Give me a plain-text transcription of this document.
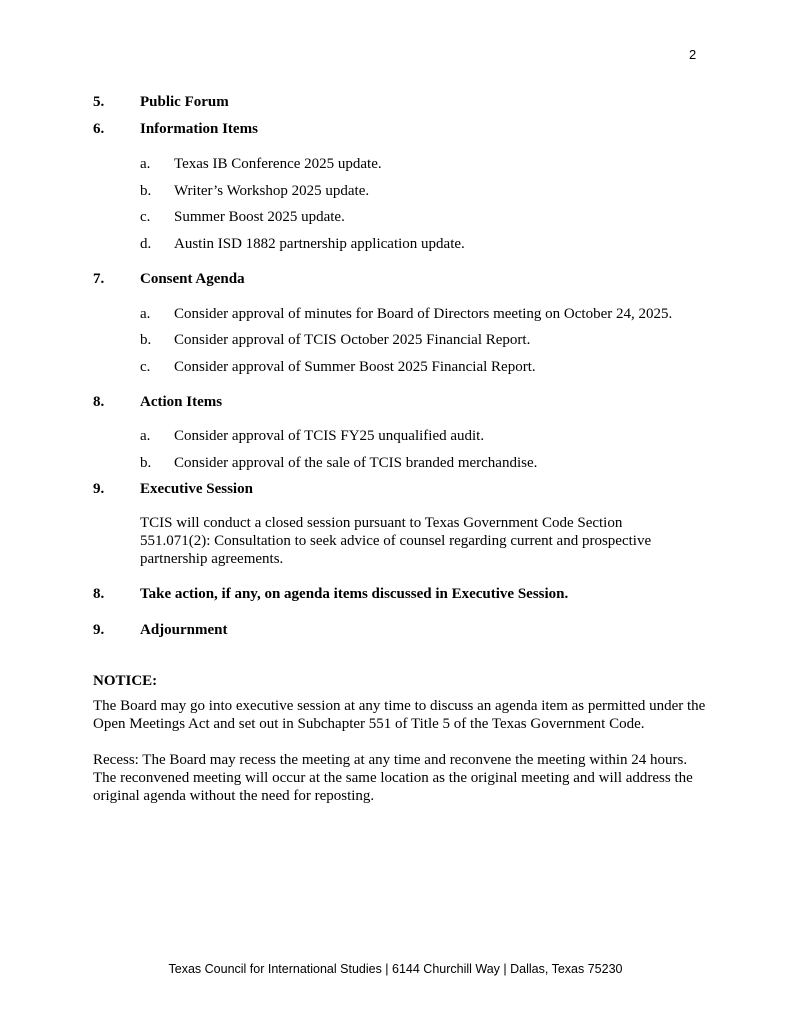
2
5. Public Forum
6. Information Items
a. Texas IB Conference 2025 update.
b. Writer’s Workshop 2025 update.
c. Summer Boost 2025 update.
d. Austin ISD 1882 partnership application update.
7. Consent Agenda
a. Consider approval of minutes for Board of Directors meeting on October 24, 2025.
b. Consider approval of TCIS October 2025 Financial Report.
c. Consider approval of Summer Boost 2025 Financial Report.
8. Action Items
a. Consider approval of TCIS FY25 unqualified audit.
b. Consider approval of the sale of TCIS branded merchandise.
9. Executive Session
TCIS will conduct a closed session pursuant to Texas Government Code Section 551.071(2): Consultation to seek advice of counsel regarding current and prospective partnership agreements.
8. Take action, if any, on agenda items discussed in Executive Session.
9. Adjournment
NOTICE:
The Board may go into executive session at any time to discuss an agenda item as permitted under the Open Meetings Act and set out in Subchapter 551 of Title 5 of the Texas Government Code.
Recess: The Board may recess the meeting at any time and reconvene the meeting within 24 hours. The reconvened meeting will occur at the same location as the original meeting and will address the original agenda without the need for reposting.
Texas Council for International Studies | 6144 Churchill Way | Dallas, Texas 75230
